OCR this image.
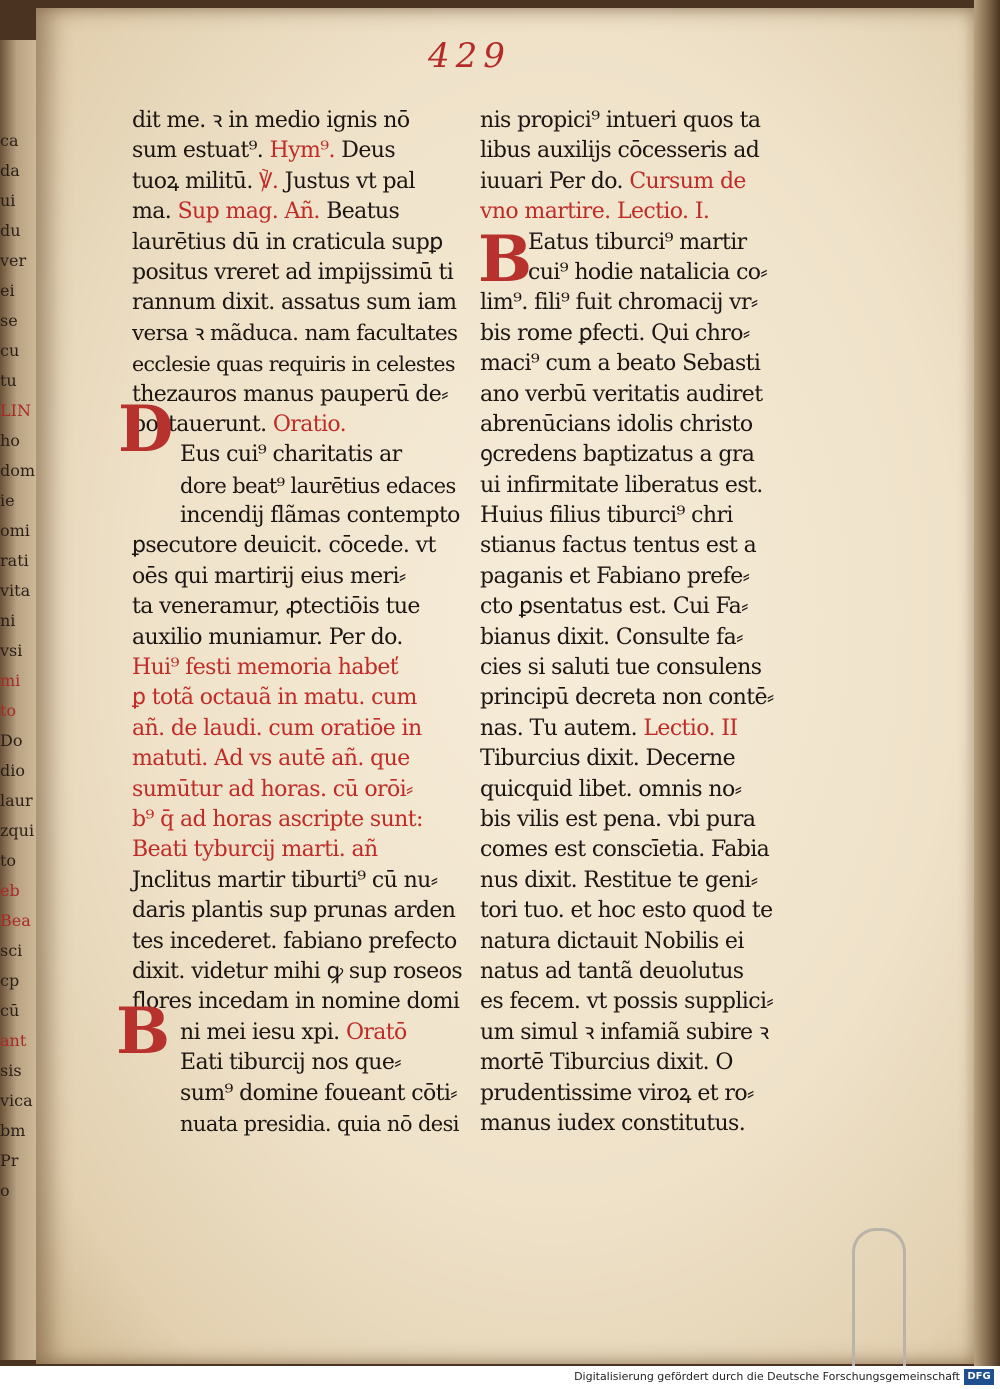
ca
da
ui
du
ver
ei
se
cu
tu
LIN
ho
dom
ie
omi
rati
vita
ni
vsi
mi
to
Do
dio
laur
zqui
to
eb
Bea
sci
cp
cū
ant
sis
vica
bm
Pr
o
429
dit me. ꝛ in medio ignis nō
sum estuat⁹. Hym⁹. Deus
tuoꝝ militū. ℣. Justus vt pal
ma. Sup mag. Añ. Beatus
laurētius dū in craticula supꝑ
positus vreret ad impijssimū ti
rannum dixit. assatus sum iam
versa ꝛ mãduca. nam facultates
ecclesie quas requiris in celestes
thezauros manus pauperū de⸗
portauerunt. Oratio.
Eus cui⁹ charitatis ar
dore beat⁹ laurētius edaces
incendij flãmas contempto
ꝑsecutore deuicit. cōcede. vt
oēs qui martirij eius meri⸗
ta veneramur, ꝓtectiōis tue
auxilio muniamur. Per do.
Hui⁹ festi memoria habeť
ꝑ totã octauã in matu. cum
añ. de laudi. cum oratiōe in
matuti. Ad vs autē añ. que
sumūtur ad horas. cū orōi⸗
b⁹ q̄ ad horas ascripte sunt:
Beati tyburcij marti. añ
Jnclitus martir tiburti⁹ cū nu⸗
daris plantis sup prunas arden
tes incederet. fabiano prefecto
dixit. videtur mihi ꝙ sup roseos
flores incedam in nomine domi
ni mei iesu xpi. Oratō
Eati tiburcij nos que⸗
sum⁹ domine foueant cōti⸗
nuata presidia. quia nō desi
nis propici⁹ intueri quos ta
libus auxilijs cōcesseris ad
iuuari Per do. Cursum de
vno martire. Lectio. I.
Eatus tiburci⁹ martir
cui⁹ hodie natalicia co⸗
lim⁹. fili⁹ fuit chromacij vr⸗
bis rome ꝑfecti. Qui chro⸗
maci⁹ cum a beato Sebasti
ano verbū veritatis audiret
abrenūcians idolis christo
ꝯcredens baptizatus a gra
ui infirmitate liberatus est.
Huius filius tiburci⁹ chri
stianus factus tentus est a
paganis et Fabiano prefe⸗
cto ꝑsentatus est. Cui Fa⸗
bianus dixit. Consulte fa⸗
cies si saluti tue consulens
principū decreta non contē⸗
nas. Tu autem. Lectio. II
Tiburcius dixit. Decerne
quicquid libet. omnis no⸗
bis vilis est pena. vbi pura
comes est conscīetia. Fabia
nus dixit. Restitue te geni⸗
tori tuo. et hoc esto quod te
natura dictauit Nobilis ei
natus ad tantã deuolutus
es fecem. vt possis supplici⸗
um simul ꝛ infamiã subire ꝛ
mortē Tiburcius dixit. O
prudentissime viroꝝ et ro⸗
manus iudex constitutus.
D
B
B
Digitalisierung gefördert durch die Deutsche Forschungsgemeinschaft DFG
